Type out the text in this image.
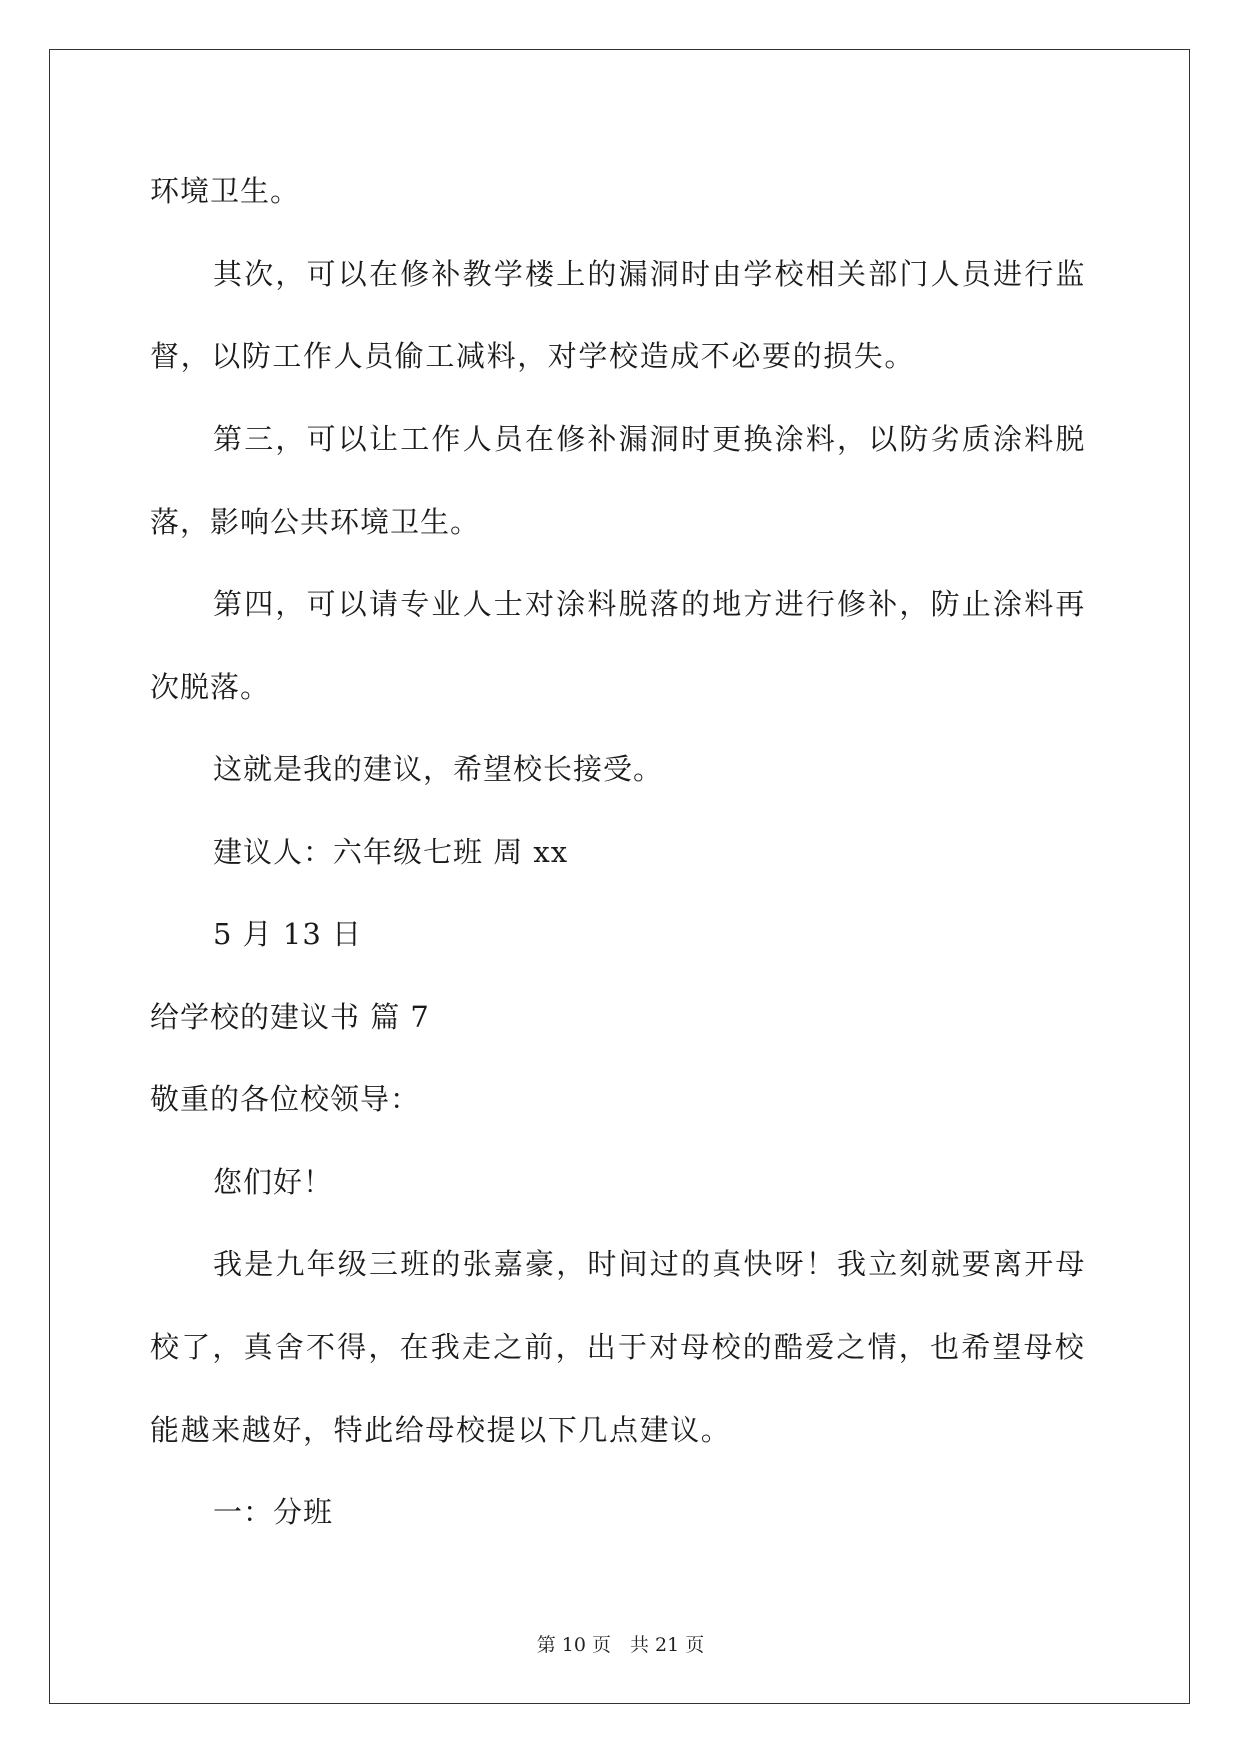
环境卫生。
其次，可以在修补教学楼上的漏洞时由学校相关部门人员进行监
督，以防工作人员偷工减料，对学校造成不必要的损失。
第三，可以让工作人员在修补漏洞时更换涂料，以防劣质涂料脱
落，影响公共环境卫生。
第四，可以请专业人士对涂料脱落的地方进行修补，防止涂料再
次脱落。
这就是我的建议，希望校长接受。
建议人：六年级七班 周 xx
5 月 13 日
给学校的建议书 篇 7
敬重的各位校领导：
您们好！
我是九年级三班的张嘉豪，时间过的真快呀！我立刻就要离开母
校了，真舍不得，在我走之前，出于对母校的酷爱之情，也希望母校
能越来越好，特此给母校提以下几点建议。
一：分班
第 10 页　共 21 页
